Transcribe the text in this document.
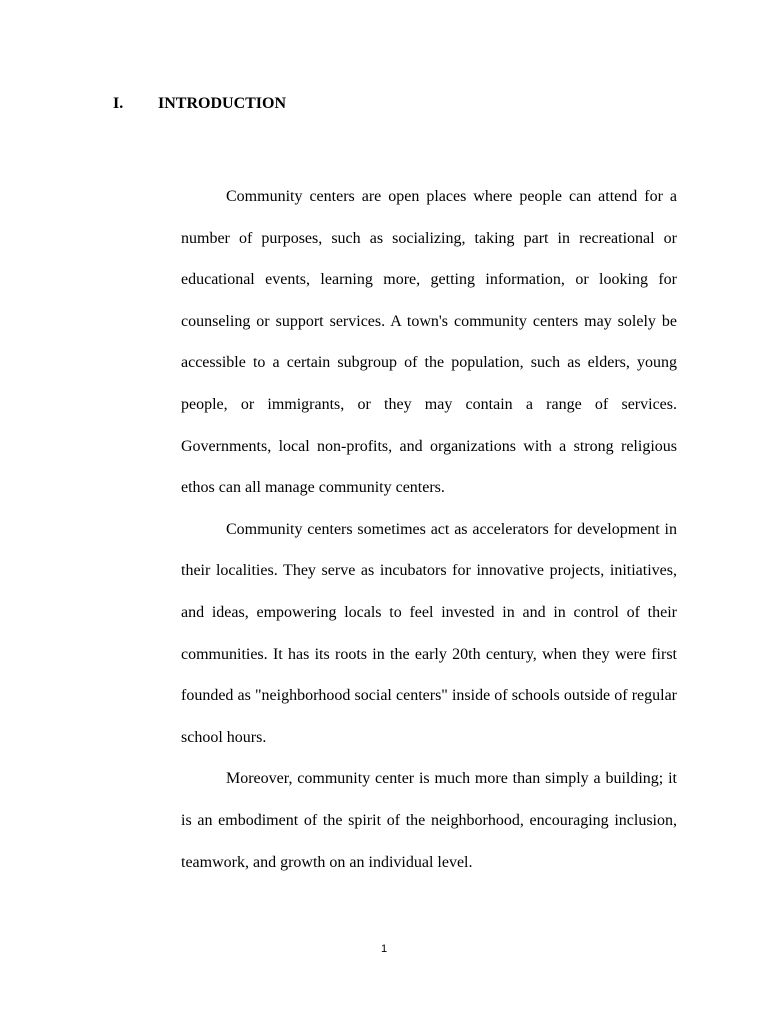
I. INTRODUCTION

Community centers are open places where people can attend for a number of purposes, such as socializing, taking part in recreational or educational events, learning more, getting information, or looking for counseling or support services. A town's community centers may solely be accessible to a certain subgroup of the population, such as elders, young people, or immigrants, or they may contain a range of services. Governments, local non-profits, and organizations with a strong religious ethos can all manage community centers.

Community centers sometimes act as accelerators for development in their localities. They serve as incubators for innovative projects, initiatives, and ideas, empowering locals to feel invested in and in control of their communities. It has its roots in the early 20th century, when they were first founded as "neighborhood social centers" inside of schools outside of regular school hours.

Moreover, community center is much more than simply a building; it is an embodiment of the spirit of the neighborhood, encouraging inclusion, teamwork, and growth on an individual level.

1
